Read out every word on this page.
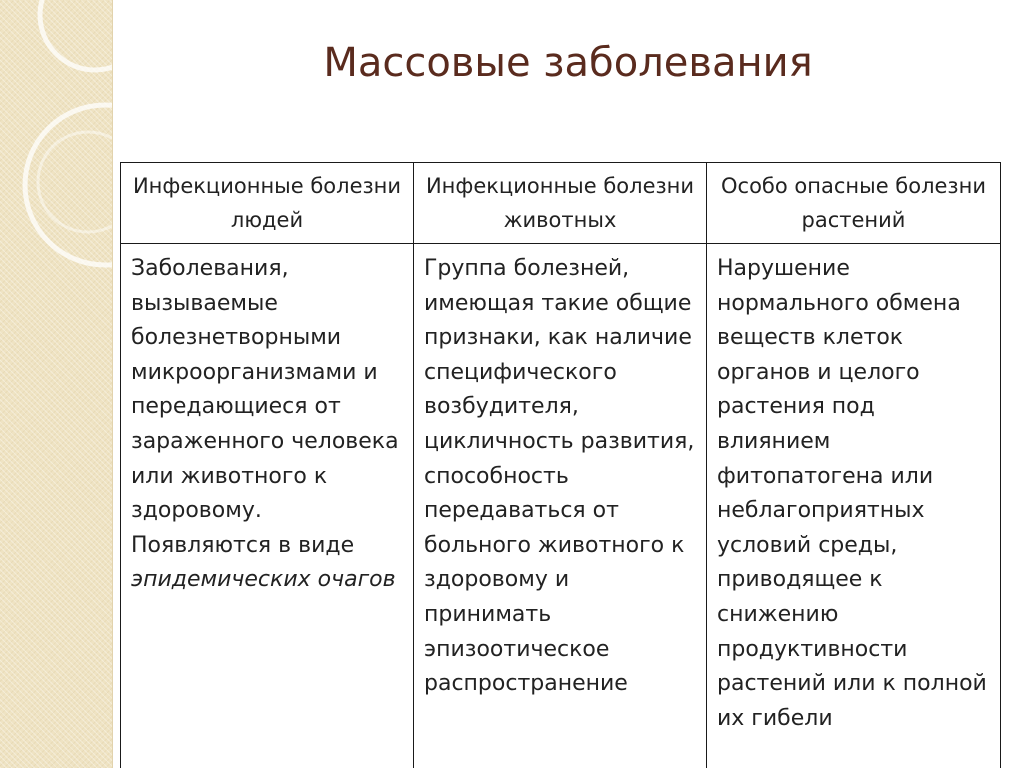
Массовые заболевания
Инфекционные болезни людей	Инфекционные болезни животных	Особо опасные болезни растений
Заболевания, вызываемые болезнетворными микроорганизмами и передающиеся от зараженного человека или животного к здоровому. Появляются в виде эпидемических очагов	Группа болезней, имеющая такие общие признаки, как наличие специфического возбудителя, цикличность развития, способность передаваться от больного животного к здоровому и принимать эпизоотическое распространение	Нарушение нормального обмена веществ клеток органов и целого растения под влиянием фитопатогена или неблагоприятных условий среды, приводящее к снижению продуктивности растений или к полной их гибели
